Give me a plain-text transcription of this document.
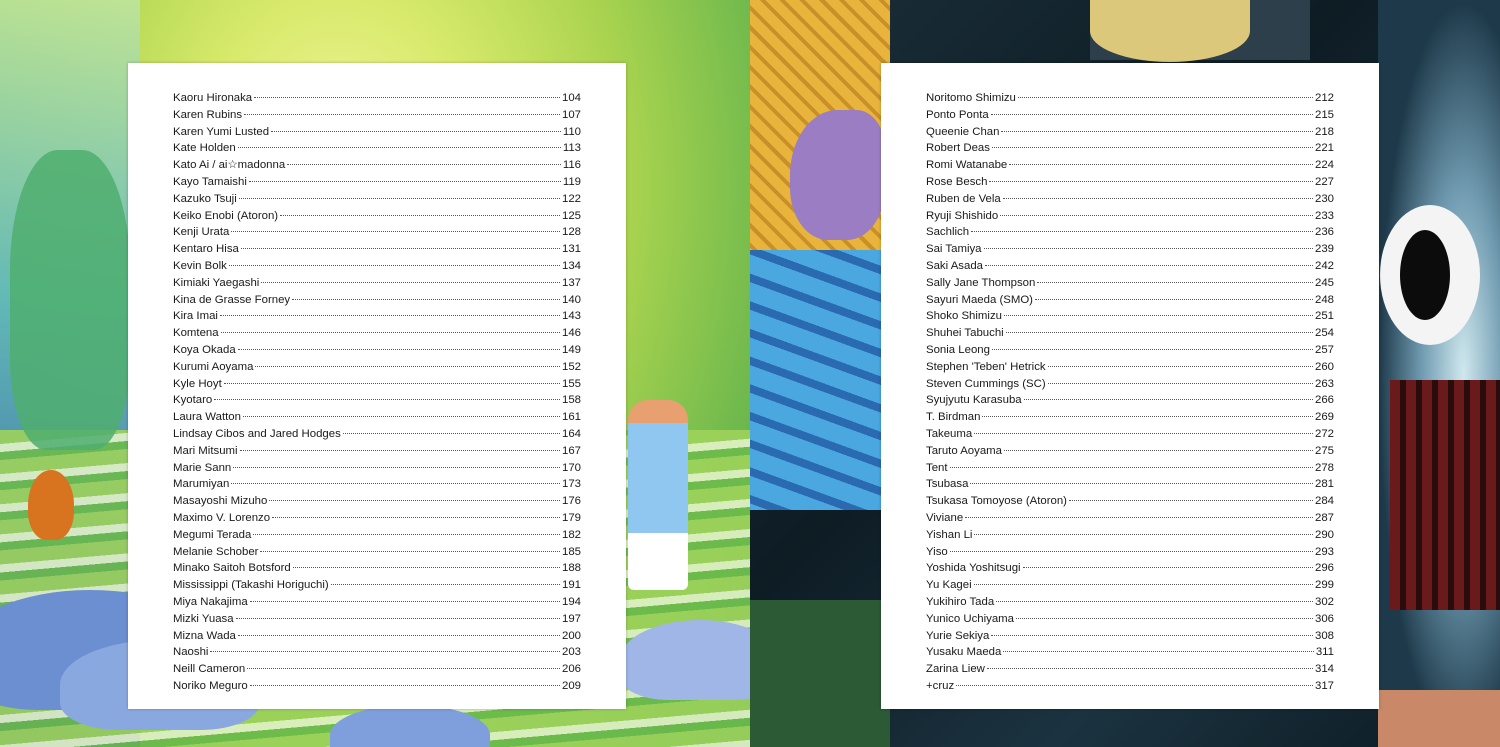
Kaoru Hironaka	104
Karen Rubins	107
Karen Yumi Lusted	110
Kate Holden	113
Kato Ai / ai☆madonna	116
Kayo Tamaishi	119
Kazuko Tsuji	122
Keiko Enobi (Atoron)	125
Kenji Urata	128
Kentaro Hisa	131
Kevin Bolk	134
Kimiaki Yaegashi	137
Kina de Grasse Forney	140
Kira Imai	143
Komtena	146
Koya Okada	149
Kurumi Aoyama	152
Kyle Hoyt	155
Kyotaro	158
Laura Watton	161
Lindsay Cibos and Jared Hodges	164
Mari Mitsumi	167
Marie Sann	170
Marumiyan	173
Masayoshi Mizuho	176
Maximo V. Lorenzo	179
Megumi Terada	182
Melanie Schober	185
Minako Saitoh Botsford	188
Mississippi (Takashi Horiguchi)	191
Miya Nakajima	194
Mizki Yuasa	197
Mizna Wada	200
Naoshi	203
Neill Cameron	206
Noriko Meguro	209
Noritomo Shimizu	212
Ponto Ponta	215
Queenie Chan	218
Robert Deas	221
Romi Watanabe	224
Rose Besch	227
Ruben de Vela	230
Ryuji Shishido	233
Sachlich	236
Sai Tamiya	239
Saki Asada	242
Sally Jane Thompson	245
Sayuri Maeda (SMO)	248
Shoko Shimizu	251
Shuhei Tabuchi	254
Sonia Leong	257
Stephen 'Teben' Hetrick	260
Steven Cummings (SC)	263
Syujyutu Karasuba	266
T. Birdman	269
Takeuma	272
Taruto Aoyama	275
Tent	278
Tsubasa	281
Tsukasa Tomoyose (Atoron)	284
Viviane	287
Yishan Li	290
Yiso	293
Yoshida Yoshitsugi	296
Yu Kagei	299
Yukihiro Tada	302
Yunico Uchiyama	306
Yurie Sekiya	308
Yusaku Maeda	311
Zarina Liew	314
+cruz	317
